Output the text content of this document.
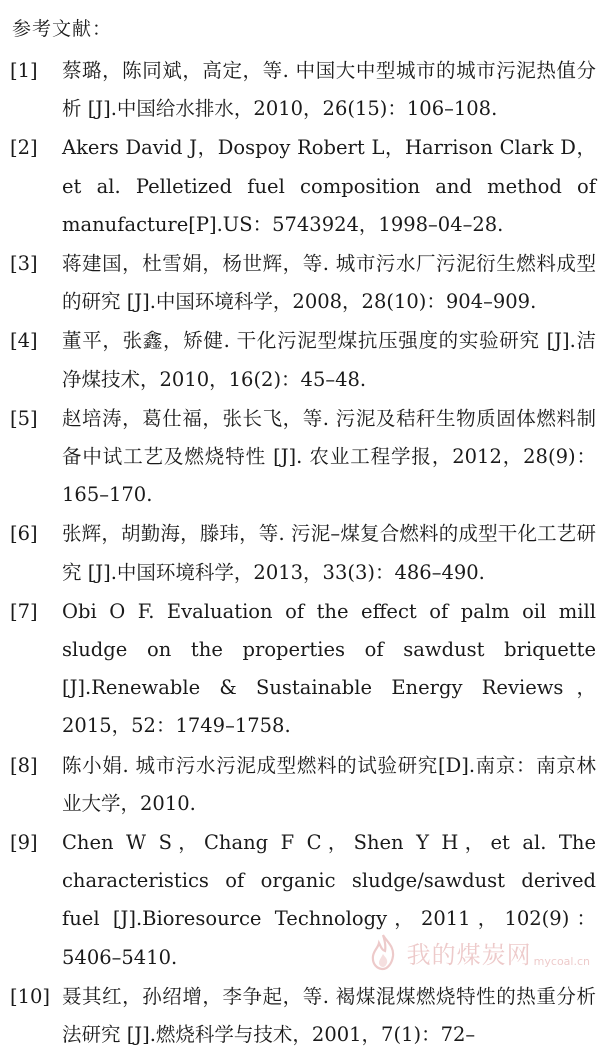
参考文献：
[1]	蔡璐，陈同斌，高定，等. 中国大中型城市的城市污泥热值分析 [J].中国给水排水，2010，26(15)：106–108.
[2]	Akers David J，Dospoy Robert L，Harrison Clark D，et al. Pelletized fuel composition and method of manufacture[P].US：5743924，1998–04–28.
[3]	蒋建国，杜雪娟，杨世辉，等. 城市污水厂污泥衍生燃料成型的研究 [J].中国环境科学，2008，28(10)：904–909.
[4]	董平，张鑫，矫健. 干化污泥型煤抗压强度的实验研究 [J].洁净煤技术，2010，16(2)：45–48.
[5]	赵培涛，葛仕福，张长飞，等. 污泥及秸秆生物质固体燃料制备中试工艺及燃烧特性 [J]. 农业工程学报，2012，28(9)：165–170.
[6]	张辉，胡勤海，滕玮，等. 污泥–煤复合燃料的成型干化工艺研究 [J].中国环境科学，2013，33(3)：486–490.
[7]	Obi O F. Evaluation of the effect of palm oil mill sludge on the properties of sawdust briquette [J].Renewable & Sustainable Energy Reviews，2015，52：1749–1758.
[8]	陈小娟. 城市污水污泥成型燃料的试验研究[D].南京：南京林业大学，2010.
[9]	Chen W S，Chang F C，Shen Y H，et al. The characteristics of organic sludge/sawdust derived fuel [J].Bioresource Technology，2011，102(9)：5406–5410.
[10] 聂其红，孙绍增，李争起，等. 褐煤混煤燃烧特性的热重分析法研究 [J].燃烧科学与技术，2001，7(1)：72–
我的煤炭网 mycoal.cn
